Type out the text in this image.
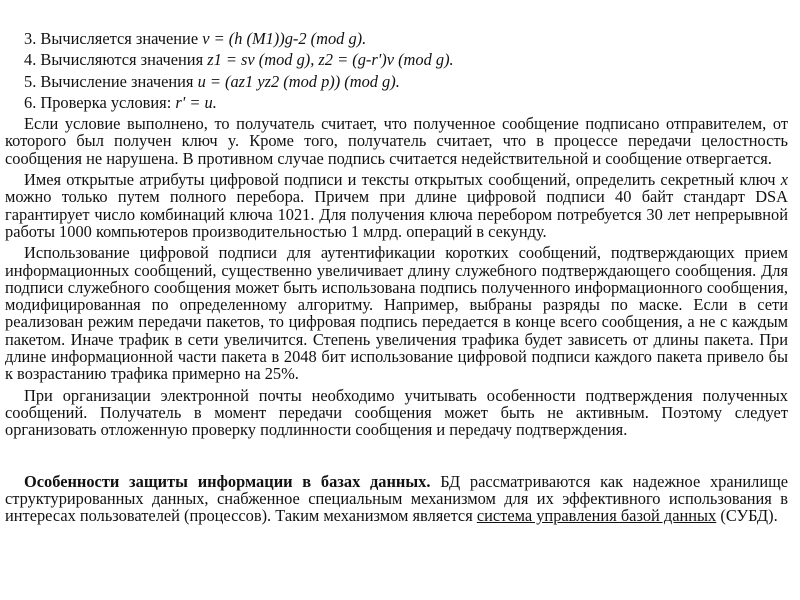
3. Вычисляется значение v = (h (M1))g-2 (mod g).
4. Вычисляются значения z1 = sv (mod g), z2 = (g-r')v (mod g).
5. Вычисление значения u = (az1 yz2 (mod p)) (mod g).
6. Проверка условия: r' = u.

Если условие выполнено, то получатель считает, что полученное сообщение подписано отправителем, от которого был получен ключ y. Кроме того, получатель считает, что в процессе передачи целостность сообщения не нарушена. В противном случае подпись считается недействительной и сообщение отвергается.

Имея открытые атрибуты цифровой подписи и тексты открытых сообщений, определить секретный ключ x можно только путем полного перебора. Причем при длине цифровой подписи 40 байт стандарт DSA гарантирует число комбинаций ключа 1021. Для получения ключа перебором потребуется 30 лет непрерывной работы 1000 компьютеров производительностью 1 млрд. операций в секунду.

Использование цифровой подписи для аутентификации коротких сообщений, подтверждающих прием информационных сообщений, существенно увеличивает длину служебного подтверждающего сообщения. Для подписи служебного сообщения может быть использована подпись полученного информационного сообщения, модифицированная по определенному алгоритму. Например, выбраны разряды по маске. Если в сети реализован режим передачи пакетов, то цифровая подпись передается в конце всего сообщения, а не с каждым пакетом. Иначе трафик в сети увеличится. Степень увеличения трафика будет зависеть от длины пакета. При длине информационной части пакета в 2048 бит использование цифровой подписи каждого пакета привело бы к возрастанию трафика примерно на 25%.

При организации электронной почты необходимо учитывать особенности подтверждения полученных сообщений. Получатель в момент передачи сообщения может быть не активным. Поэтому следует организовать отложенную проверку подлинности сообщения и передачу подтверждения.

Особенности защиты информации в базах данных. БД рассматриваются как надежное хранилище структурированных данных, снабженное специальным механизмом для их эффективного использования в интересах пользователей (процессов). Таким механизмом является система управления базой данных (СУБД).
